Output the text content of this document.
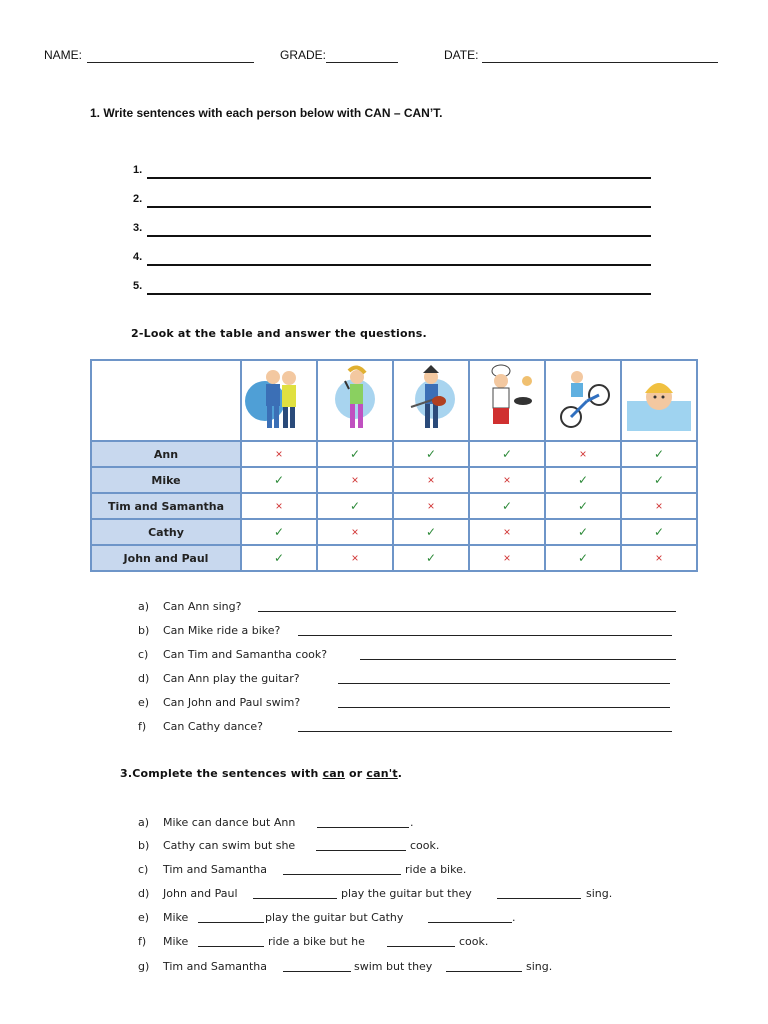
NAME:	GRADE:	DATE:
1. Write sentences with each person below with CAN – CAN’T.
1.
2.
3.
4.
5.
2-Look at the table and answer the questions.

Ann	×	✓	✓	✓	×	✓
Mike	✓	×	×	×	✓	✓
Tim and Samantha	×	✓	×	✓	✓	×
Cathy	✓	×	✓	×	✓	✓
John and Paul	✓	×	✓	×	✓	×
a) Can Ann sing?
b) Can Mike ride a bike?
c) Can Tim and Samantha cook?
d) Can Ann play the guitar?
e) Can John and Paul swim?
f) Can Cathy dance?
3.Complete the sentences with can or can't.
a) Mike can dance but Ann	.
b) Cathy can swim but she	cook.
c) Tim and Samantha	ride a bike.
d) John and Paul	play the guitar but they	sing.
e) Mike	play the guitar but Cathy	.
f) Mike	ride a bike but he	cook.
g) Tim and Samantha	swim but they	sing.
